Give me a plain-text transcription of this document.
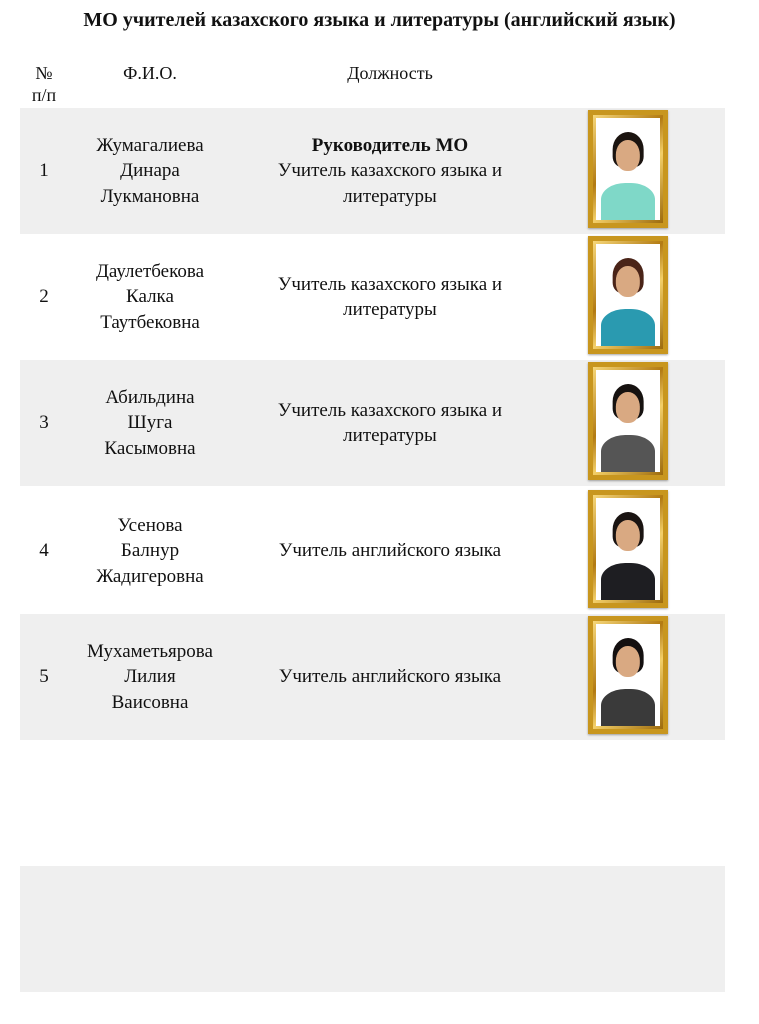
МО учителей казахского языка и литературы (английский язык)
№
п/п
Ф.И.О.	Должность
1
Жумагалиева
Динара
Лукмановна
Руководитель МО
Учитель казахского языка и
литературы
2
Даулетбекова
Калка
Таутбековна
Учитель казахского языка и
литературы
3
Абильдина
Шуга
Касымовна
Учитель казахского языка и
литературы
4
Усенова
Балнур
Жадигеровна
Учитель английского языка
5
Мухаметьярова
Лилия
Ваисовна
Учитель английского языка
